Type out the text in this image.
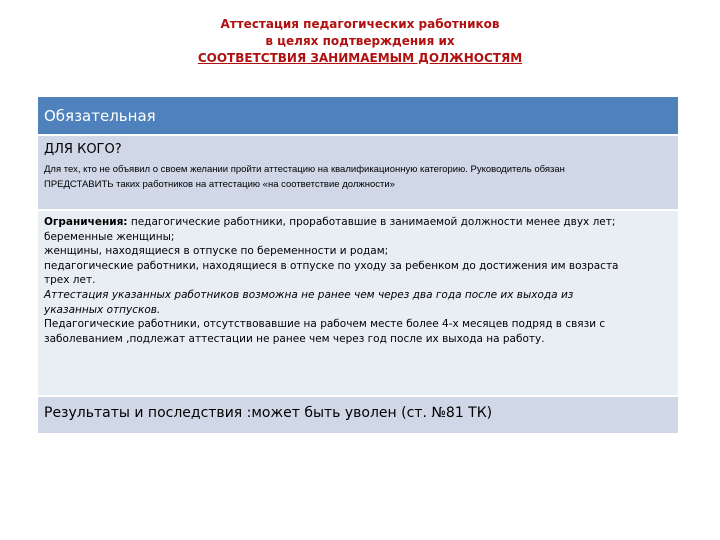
Аттестация педагогических работников
в целях подтверждения их
СООТВЕТСТВИЯ ЗАНИМАЕМЫМ ДОЛЖНОСТЯМ
Обязательная
ДЛЯ КОГО?
Для тех, кто не объявил о своем желании пройти аттестацию на квалификационную категорию. Руководитель обязан
ПРЕДСТАВИТЬ таких работников на аттестацию «на соответствие должности»
Ограничения: педагогические работники, проработавшие в занимаемой должности менее двух лет;
беременные женщины;
женщины, находящиеся в отпуске по беременности и родам;
педагогические работники, находящиеся в отпуске по уходу за ребенком до достижения им возраста
трех лет.
Аттестация указанных работников возможна не ранее чем через два года после их выхода из
указанных отпусков.
Педагогические работники, отсутствовавшие на рабочем месте более 4-х месяцев подряд в связи с
заболеванием ,подлежат аттестации не ранее чем через год после их выхода на работу.
Результаты и последствия :может быть уволен (ст. №81 ТК)
